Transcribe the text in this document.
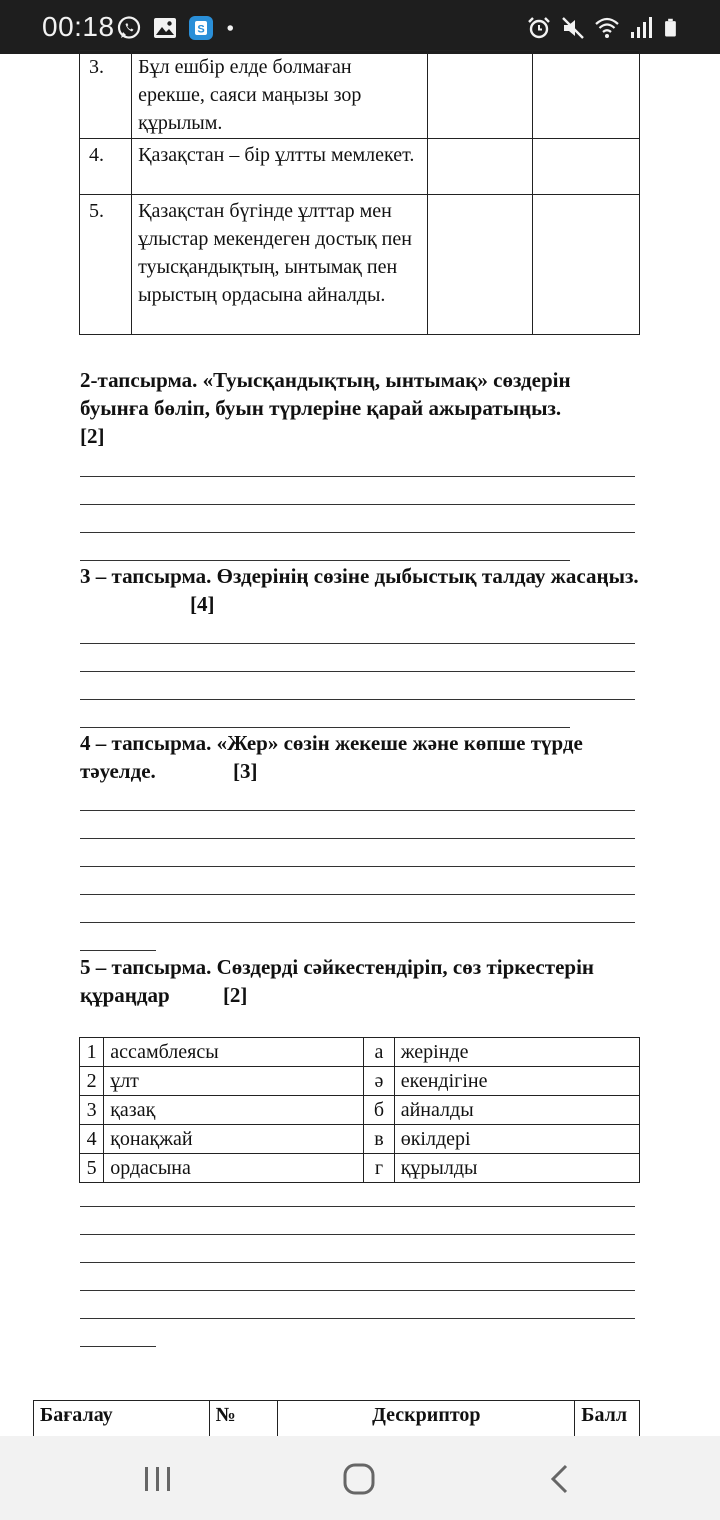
00:18	S
3.	Бұл ешбір елде болмаған ерекше, саяси маңызы зор құрылым.		
4.	Қазақстан – бір ұлтты мемлекет.		
5.	Қазақстан бүгінде ұлттар мен ұлыстар мекендеген достық пен туысқандықтың, ынтымақ пен ырыстың ордасына айналды.		
2-тапсырма. «Туысқандықтың, ынтымақ» сөздерін буынға бөліп, буын түрлеріне қарай ажыратыңыз.
[2]
3 – тапсырма. Өздерінің сөзіне дыбыстық талдау жасаңыз. [4]
4 – тапсырма. «Жер» сөзін жекеше және көпше түрде тәуелде.	[3]
5 – тапсырма. Сөздерді сәйкестендіріп, сөз тіркестерін құраңдар	[2]
1	ассамблеясы	а	жерінде
2	ұлт	ә	екендігіне
3	қазақ	б	айналды
4	қонақжай	в	өкілдері
5	ордасына	г	құрылды
Бағалау	№	Дескриптор	Балл
